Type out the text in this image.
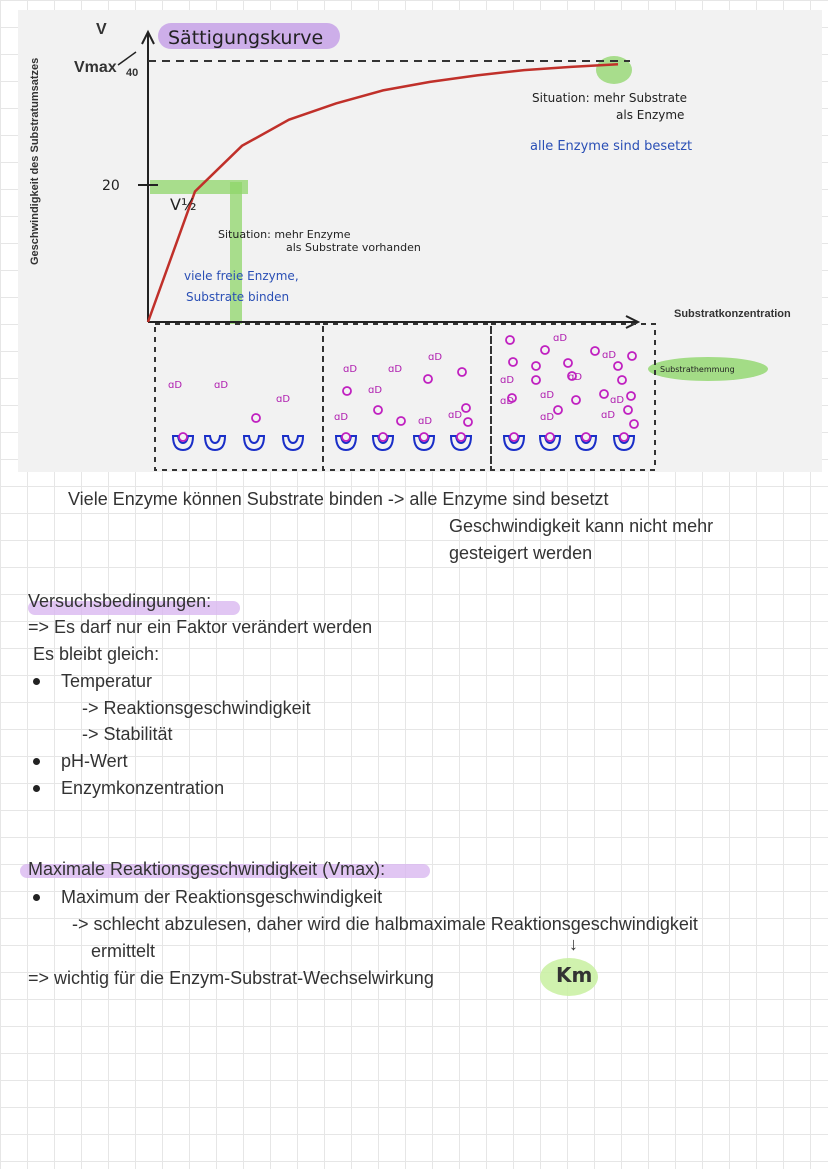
Geschwindigkeit des Substratumsatzes
Sättigungskurve
V
Vmax 40
20
V½
Situation: mehr Substrate
als Enzyme
alle Enzyme sind besetzt
Situation: mehr Enzyme
als Substrate vorhanden
viele freie Enzyme,
Substrate binden
Substratkonzentration
Substrathemmung
ɑD	ɑD
ɑD
ɑD	ɑD
ɑD
ɑD
ɑD	ɑD
ɑD
ɑD
ɑD
ɑD
ɑD
ɑD	ɑD
ɑD
ɑD	ɑD
Viele Enzyme können Substrate binden -> alle Enzyme sind besetzt
Geschwindigkeit kann nicht mehr
gesteigert werden
Versuchsbedingungen:
=> Es darf nur ein Faktor verändert werden
Es bleibt gleich:
Temperatur
-> Reaktionsgeschwindigkeit
-> Stabilität
pH-Wert
Enzymkonzentration
Maximale Reaktionsgeschwindigkeit (Vmax):
Maximum der Reaktionsgeschwindigkeit
-> schlecht abzulesen, daher wird die halbmaximale Reaktionsgeschwindigkeit
ermittelt
=> wichtig für die Enzym-Substrat-Wechselwirkung
↓
Km
